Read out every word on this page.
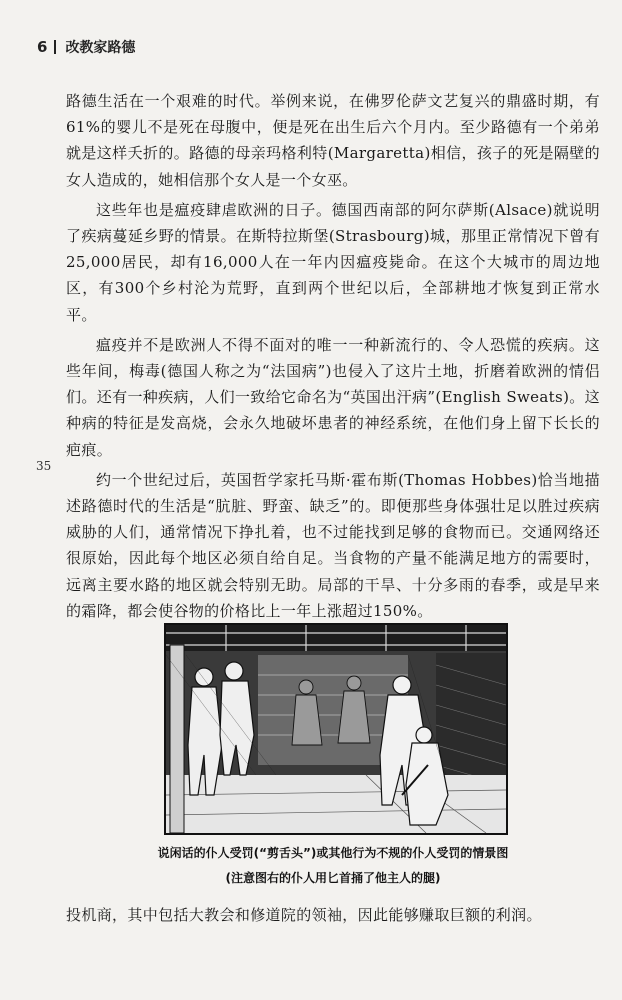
6 改教家路德

路德生活在一个艰难的时代。举例来说，在佛罗伦萨文艺复兴的鼎盛时期，有61%的婴儿不是死在母腹中，便是死在出生后六个月内。至少路德有一个弟弟就是这样夭折的。路德的母亲玛格利特(Margaretta)相信，孩子的死是隔壁的女人造成的，她相信那个女人是一个女巫。

这些年也是瘟疫肆虐欧洲的日子。德国西南部的阿尔萨斯(Alsace)就说明了疾病蔓延乡野的情景。在斯特拉斯堡(Strasbourg)城，那里正常情况下曾有25,000居民，却有16,000人在一年内因瘟疫毙命。在这个大城市的周边地区，有300个乡村沦为荒野，直到两个世纪以后，全部耕地才恢复到正常水平。

瘟疫并不是欧洲人不得不面对的唯一一种新流行的、令人恐慌的疾病。这些年间，梅毒(德国人称之为“法国病”)也侵入了这片土地，折磨着欧洲的情侣们。还有一种疾病，人们一致给它命名为“英国出汗病”(English Sweats)。这种病的特征是发高烧，会永久地破坏患者的神经系统，在他们身上留下长长的疤痕。

约一个世纪过后，英国哲学家托马斯·霍布斯(Thomas Hobbes)恰当地描述路德时代的生活是“肮脏、野蛮、缺乏”的。即便那些身体强壮足以胜过疾病威胁的人们，通常情况下挣扎着，也不过能找到足够的食物而已。交通网络还很原始，因此每个地区必须自给自足。当食物的产量不能满足地方的需要时，远离主要水路的地区就会特别无助。局部的干旱、十分多雨的春季，或是早来的霜降，都会使谷物的价格比上一年上涨超过150%。

35
说闲话的仆人受罚(“剪舌头”)或其他行为不规的仆人受罚的情景图
(注意图右的仆人用匕首捅了他主人的腿)
投机商，其中包括大教会和修道院的领袖，因此能够赚取巨额的利润。
